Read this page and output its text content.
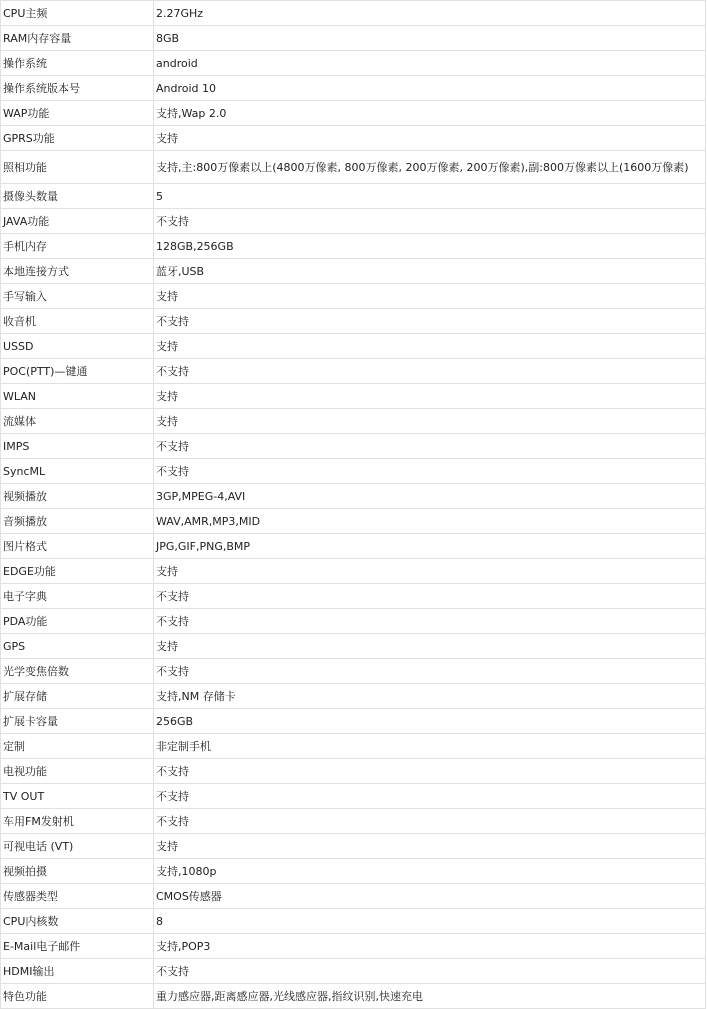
CPU主频	2.27GHz
RAM内存容量	8GB
操作系统	android
操作系统版本号	Android 10
WAP功能	支持,Wap 2.0
GPRS功能	支持
照相功能	支持,主:800万像素以上(4800万像素, 800万像素, 200万像素, 200万像素),副:800万像素以上(1600万像素)
摄像头数量	5
JAVA功能	不支持
手机内存	128GB,256GB
本地连接方式	蓝牙,USB
手写输入	支持
收音机	不支持
USSD	支持
POC(PTT)—键通	不支持
WLAN	支持
流媒体	支持
IMPS	不支持
SyncML	不支持
视频播放	3GP,MPEG-4,AVI
音频播放	WAV,AMR,MP3,MID
图片格式	JPG,GIF,PNG,BMP
EDGE功能	支持
电子字典	不支持
PDA功能	不支持
GPS	支持
光学变焦倍数	不支持
扩展存储	支持,NM 存储卡
扩展卡容量	256GB
定制	非定制手机
电视功能	不支持
TV OUT	不支持
车用FM发射机	不支持
可视电话 (VT)	支持
视频拍摄	支持,1080p
传感器类型	CMOS传感器
CPU内核数	8
E-Mail电子邮件	支持,POP3
HDMI输出	不支持
特色功能	重力感应器,距离感应器,光线感应器,指纹识别,快速充电
